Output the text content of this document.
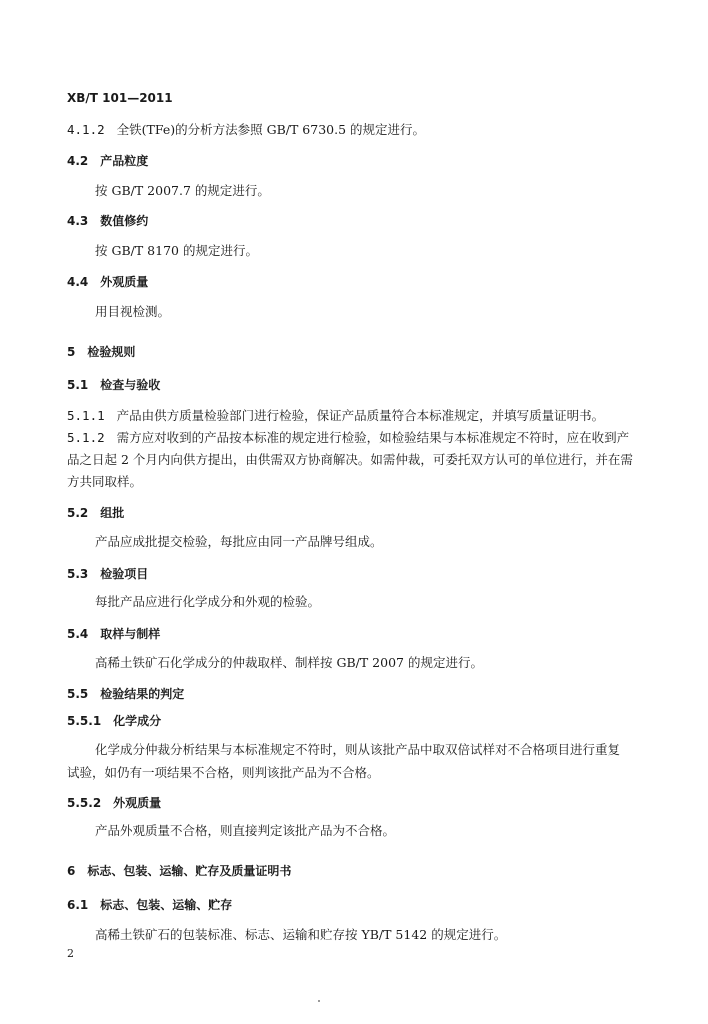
XB/T 101—2011
4.1.2 全铁(TFe)的分析方法参照 GB/T 6730.5 的规定进行。
4.2 产品粒度
按 GB/T 2007.7 的规定进行。
4.3 数值修约
按 GB/T 8170 的规定进行。
4.4 外观质量
用目视检测。
5 检验规则
5.1 检查与验收
5.1.1 产品由供方质量检验部门进行检验，保证产品质量符合本标准规定，并填写质量证明书。
5.1.2 需方应对收到的产品按本标准的规定进行检验，如检验结果与本标准规定不符时，应在收到产
品之日起 2 个月内向供方提出，由供需双方协商解决。如需仲裁，可委托双方认可的单位进行，并在需
方共同取样。
5.2 组批
产品应成批提交检验，每批应由同一产品牌号组成。
5.3 检验项目
每批产品应进行化学成分和外观的检验。
5.4 取样与制样
高稀土铁矿石化学成分的仲裁取样、制样按 GB/T 2007 的规定进行。
5.5 检验结果的判定
5.5.1 化学成分
化学成分仲裁分析结果与本标准规定不符时，则从该批产品中取双倍试样对不合格项目进行重复
试验，如仍有一项结果不合格，则判该批产品为不合格。
5.5.2 外观质量
产品外观质量不合格，则直接判定该批产品为不合格。
6 标志、包装、运输、贮存及质量证明书
6.1 标志、包装、运输、贮存
高稀土铁矿石的包装标准、标志、运输和贮存按 YB/T 5142 的规定进行。
2
